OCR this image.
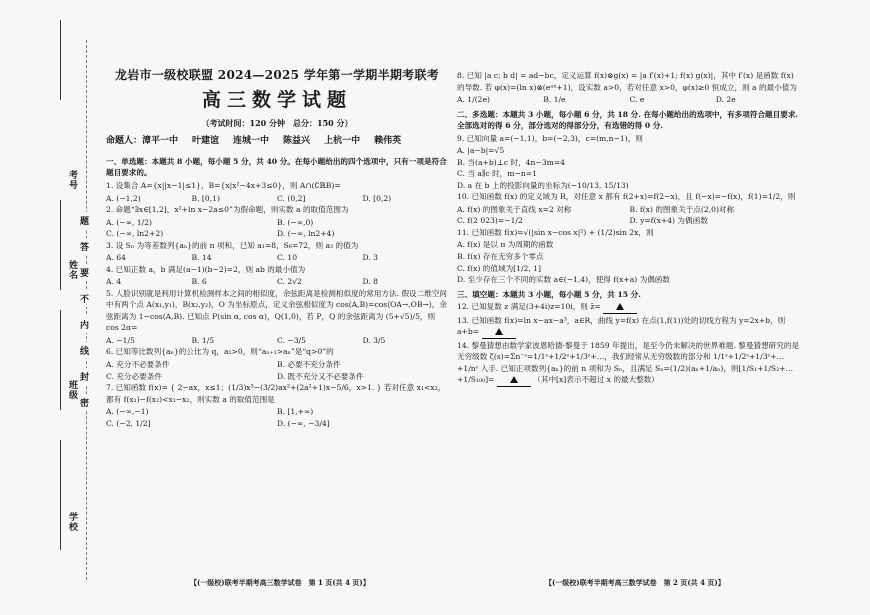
考号
姓名
班级
学校
题
答
要
不
内
线
封
密
龙岩市一级校联盟 2024—2025 学年第一学期半期考联考
高三数学试题
（考试时间：120 分钟　总分：150 分）
命题人：漳平一中 叶建谊 连城一中 陈益兴 上杭一中 赖伟英
一、单选题：本题共 8 小题，每小题 5 分，共 40 分。在每小题给出的四个选项中，只有一项是符合题目要求的。
1. 设集合 A={x||x−1|≤1}，B={x|x²−4x+3≤0}，则 A∩(∁ℝB)=
A. (−1,2)	B. [0,1)	C. (0,2]	D. [0,2)
2. 命题“∃x∈[1,2]，x²+ln x−2a≤0”为假命题，则实数 a 的取值范围为
A. (−∞, 1/2)	B. (−∞,0)
C. (−∞, ln2+2)	D. (−∞, ln2+4)
3. 设 Sₙ 为等差数列{aₙ}的前 n 项和，已知 a₁=8，S₆=72，则 a₃ 的值为
A. 64	B. 14	C. 10	D. 3
4. 已知正数 a，b 满足(a−1)(b−2)=2，则 ab 的最小值为
A. 4	B. 6	C. 2√2	D. 8
5. 人脸识别就是利用计算机检测样本之间的相似度，余弦距离是检测相似度的常用方法. 假设二维空间中有两个点 A(x₁,y₁)，B(x₂,y₂)，O 为坐标原点，定义余弦相似度为 cos(A,B)=cos⟨OA→,OB→⟩，余弦距离为 1−cos(A,B). 已知点 P(sin α, cos α)，Q(1,0)，若 P，Q 的余弦距离为 (5+√5)/5，则 cos 2α=
A. −1/5	B. 1/5	C. −3/5	D. 3/5
6. 已知等比数列{aₙ}的公比为 q，a₁>0，则“aₙ₊₁>aₙ”是“q>0”的
A. 充分不必要条件	B. 必要不充分条件
C. 充分必要条件	D. 既不充分又不必要条件
7. 已知函数 f(x)= { 2−ax，x≤1；(1/3)x³−(3/2)ax²+(2a²+1)x−5/6，x>1. } 若对任意 x₁<x₂，都有 f(x₁)−f(x₂)<x₁−x₂，则实数 a 的取值范围是
A. (−∞,−1)	B. [1,+∞)
C. (−2, 1/2]	D. (−∞, −3/4]
【(一级校)联考半期考高三数学试卷　第 1 页(共 4 页)】
8. 已知 |a c; b d| = ad−bc，定义运算 f(x)⊗g(x) = |a f′(x)+1; f(x) g(x)|，其中 f′(x) 是函数 f(x) 的导数. 若 φ(x)=(ln x)⊗(eᵃˣ+1)，设实数 a>0，若对任意 x>0，φ(x)≥0 恒成立，则 a 的最小值为
A. 1/(2e)	B. 1/e	C. e	D. 2e
二、多选题：本题共 3 小题，每小题 6 分，共 18 分. 在每小题给出的选项中，有多项符合题目要求. 全部选对的得 6 分，部分选对的得部分分，有选错的得 0 分.
9. 已知向量 a=(−1,1)，b=(−2,3)，c=(m,n−1)，则
A. |a−b|=√5
B. 当(a+b)⊥c 时，4n−3m=4
C. 当 a∥c 时，m−n=1
D. a 在 b 上的投影向量的坐标为(−10/13, 15/13)
10. 已知函数 f(x) 的定义域为 R，对任意 x 都有 f(2+x)=f(2−x)，且 f(−x)=−f(x)，f(1)=1/2，则
A. f(x) 的图象关于直线 x=2 对称	B. f(x) 的图象关于点(2,0)对称
C. f(2 023)=−1/2	D. y=f(x+4) 为偶函数
11. 已知函数 f(x)=√(|sin x−cos x|²) + (1/2)sin 2x，则
A. f(x) 是以 π 为周期的函数
B. f(x) 存在无穷多个零点
C. f(x) 的值域为[1/2, 1]
D. 至少存在三个不同的实数 a∈(−1,4)，使得 f(x+a) 为偶函数
三、填空题：本题共 3 小题，每小题 5 分，共 15 分.
12. 已知复数 z 满足(3+4i)z=10i，则 z̄=
13. 已知函数 f(x)=ln x−ax−a³，a∈R，曲线 y=f(x) 在点(1,f(1))处的切线方程为 y=2x+b，则 a+b=
14. 黎曼猜想由数学家波恩哈德·黎曼于 1859 年提出，是至今仍未解决的世界难题. 黎曼猜想研究的是无穷级数 ζ(s)=Σn⁻ˢ=1/1ˢ+1/2ˢ+1/3ˢ+…，我们经常从无穷级数的部分和 1/1ˢ+1/2ˢ+1/3ˢ+…+1/nˢ 入手. 已知正项数列{aₙ}的前 n 项和为 Sₙ，且满足 Sₙ=(1/2)(aₙ+1/aₙ)，则[1/S₁+1/S₂+…+1/S₁₀₀]=	（其中[x]表示不超过 x 的最大整数）
【(一级校)联考半期考高三数学试卷　第 2 页(共 4 页)】
